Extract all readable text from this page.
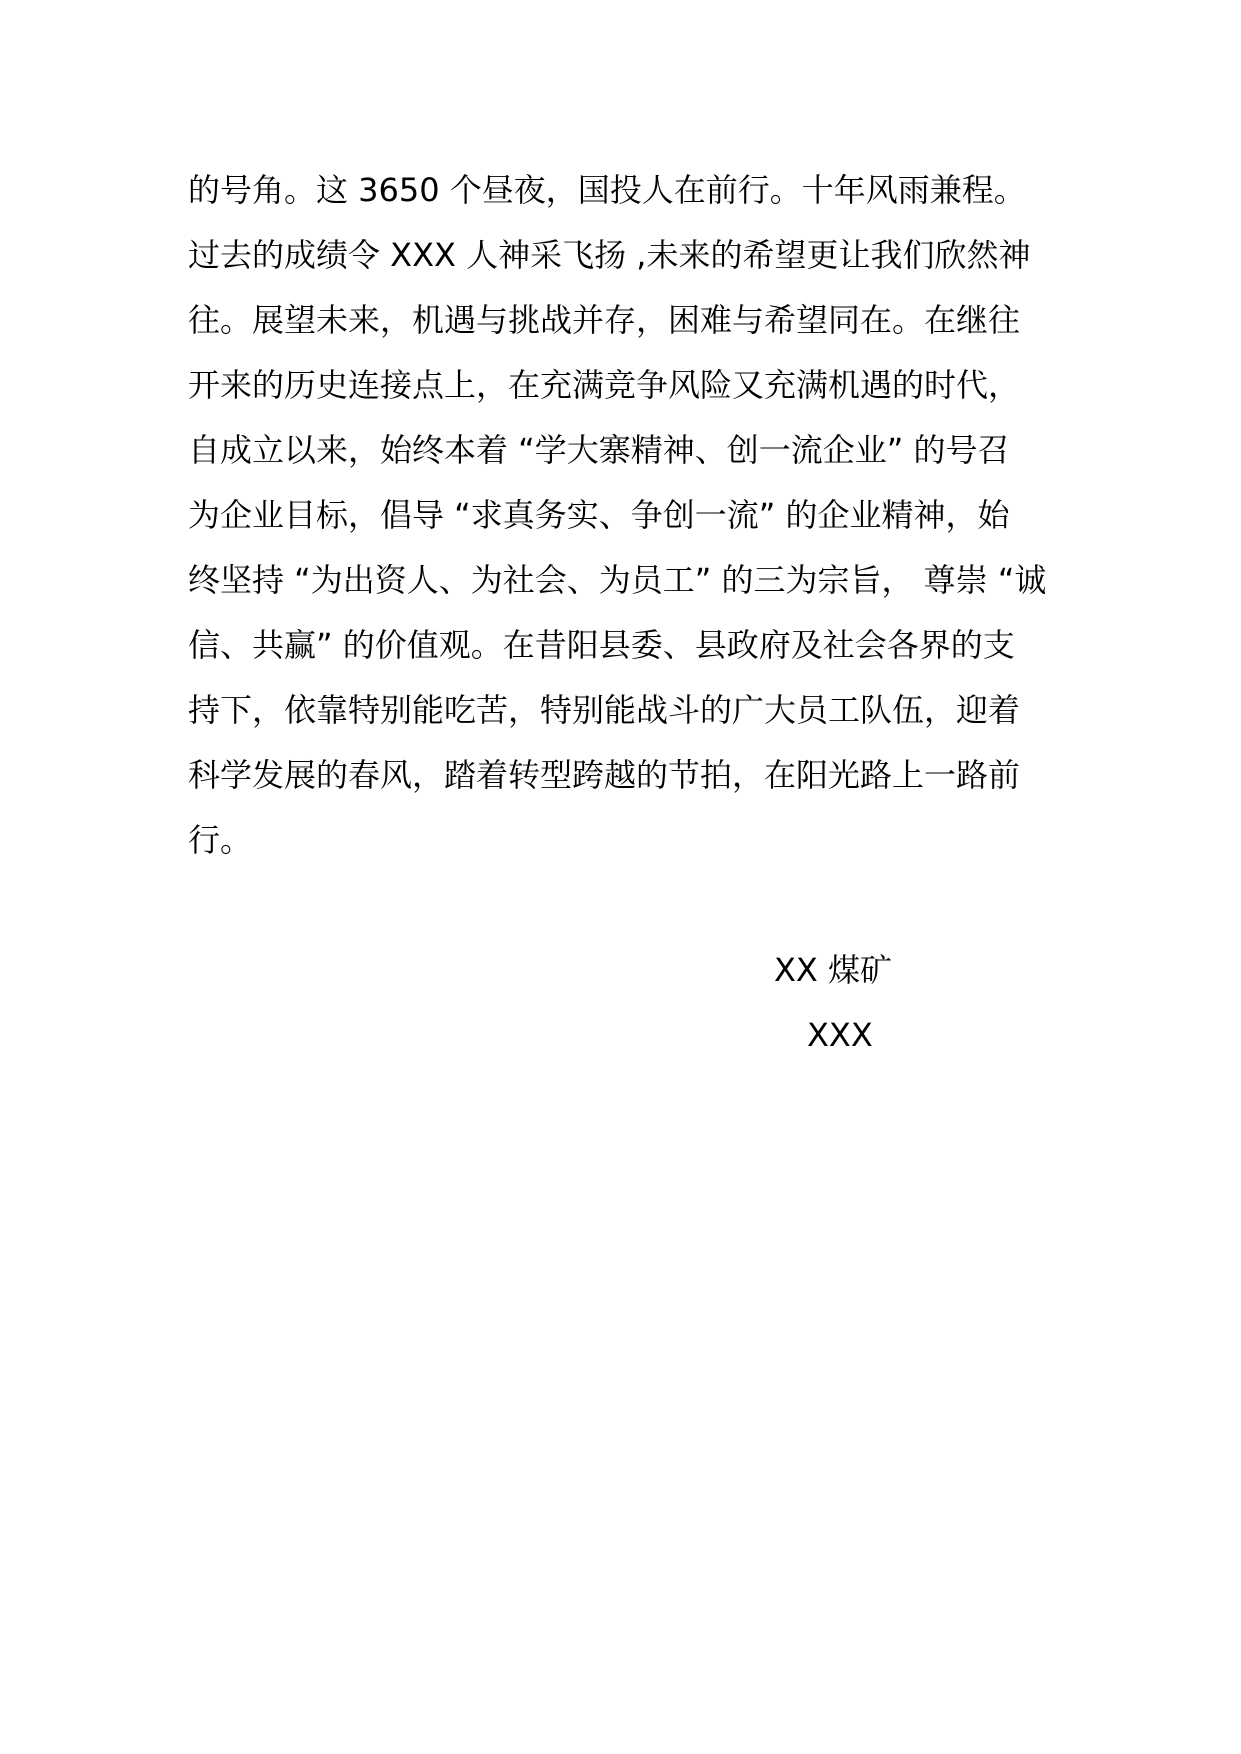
的号角。这 3650 个昼夜，国投人在前行。十年风雨兼程。
过去的成绩令 XXX 人神采飞扬 ,未来的希望更让我们欣然神
往。展望未来，机遇与挑战并存，困难与希望同在。在继往
开来的历史连接点上，在充满竞争风险又充满机遇的时代，
自成立以来，始终本着 “学大寨精神、创一流企业” 的号召
为企业目标，倡导 “求真务实、争创一流” 的企业精神，始
终坚持 “为出资人、为社会、为员工” 的三为宗旨， 尊崇 “诚
信、共赢” 的价值观。在昔阳县委、县政府及社会各界的支
持下，依靠特别能吃苦，特别能战斗的广大员工队伍，迎着
科学发展的春风，踏着转型跨越的节拍，在阳光路上一路前
行。
XX 煤矿
XXX
